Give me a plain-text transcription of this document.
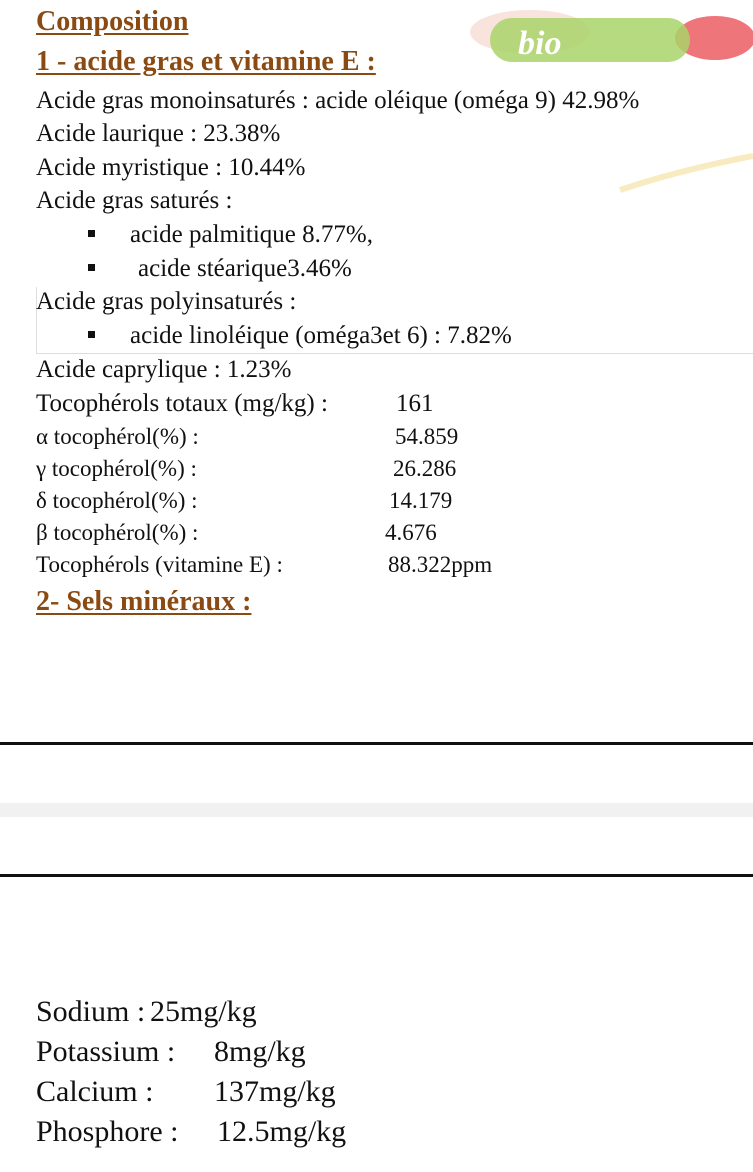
bio
Composition
1 - acide gras et vitamine E :
Acide gras monoinsaturés : acide oléique (oméga 9) 42.98%
Acide laurique : 23.38%
Acide myristique : 10.44%
Acide gras saturés :
acide palmitique 8.77%,
acide stéarique3.46%
Acide gras polyinsaturés :
acide linoléique (oméga3et 6) : 7.82%
Acide caprylique : 1.23%
Tocophérols totaux (mg/kg) :	161
α tocophérol(%) :	54.859
γ tocophérol(%) :	26.286
δ tocophérol(%) :	14.179
β tocophérol(%) :	4.676
Tocophérols (vitamine E) :	88.322ppm
2- Sels minéraux :
Sodium : 25mg/kg
Potassium : 8mg/kg
Calcium : 137mg/kg
Phosphore : 12.5mg/kg
